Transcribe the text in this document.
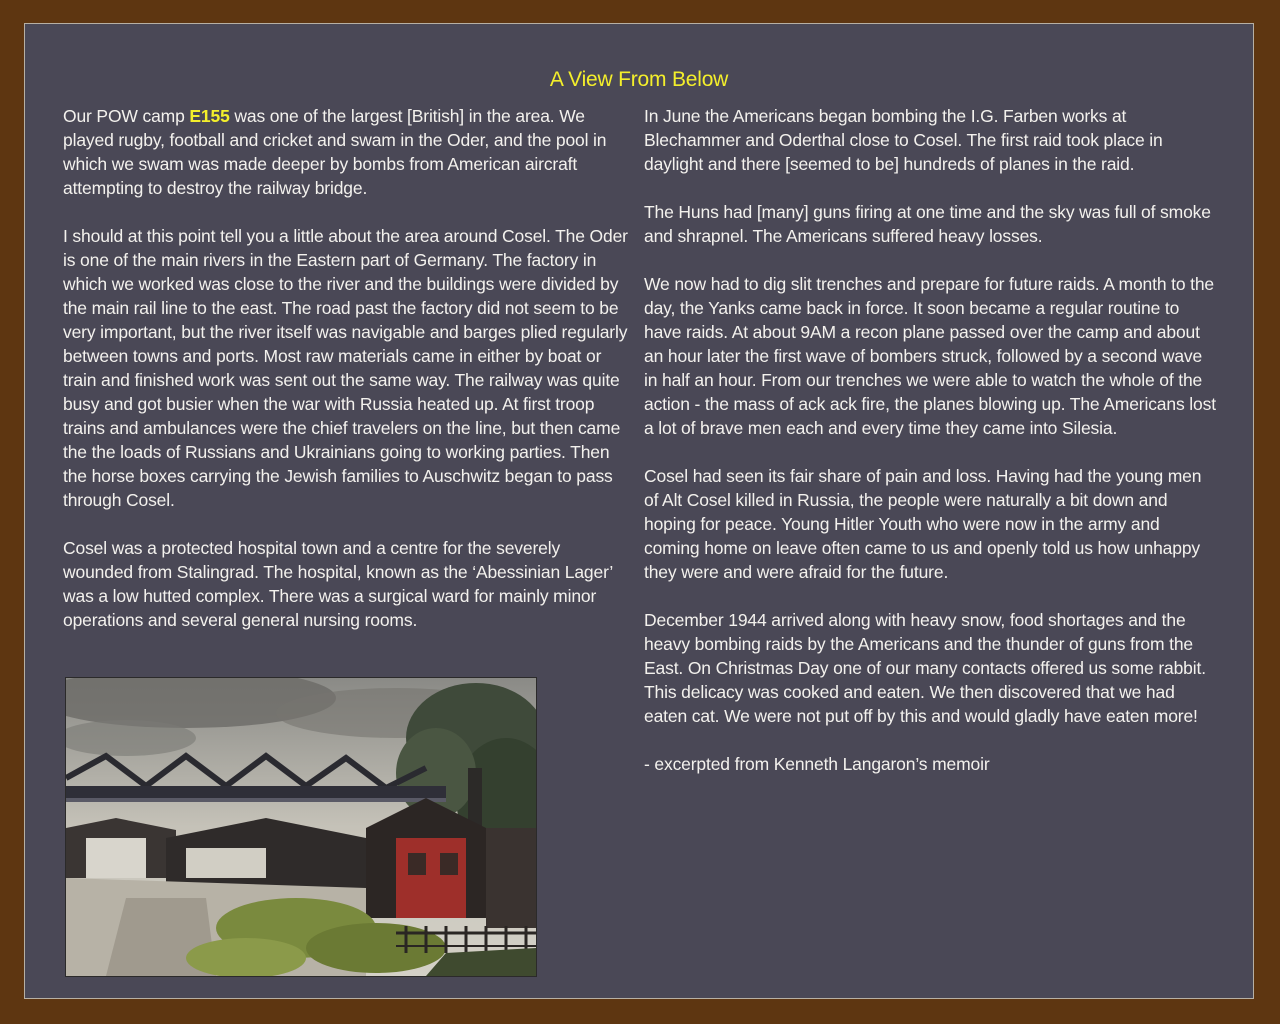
A View From Below

Our POW camp E155 was one of the largest [British] in the area. We played rugby, football and cricket and swam in the Oder, and the pool in which we swam was made deeper by bombs from American aircraft attempting to destroy the railway bridge.

I should at this point tell you a little about the area around Cosel. The Oder is one of the main rivers in the Eastern part of Germany. The factory in which we worked was close to the river and the buildings were divided by the main rail line to the east. The road past the factory did not seem to be very important, but the river itself was navigable and barges plied regularly between towns and ports. Most raw materials came in either by boat or train and finished work was sent out the same way. The railway was quite busy and got busier when the war with Russia heated up. At first troop trains and ambulances were the chief travelers on the line, but then came the the loads of Russians and Ukrainians going to working parties. Then the horse boxes carrying the Jewish families to Auschwitz began to pass through Cosel.

Cosel was a protected hospital town and a centre for the severely wounded from Stalingrad. The hospital, known as the ‘Abessinian Lager’ was a low hutted complex. There was a surgical ward for mainly minor operations and several general nursing rooms.

In June the Americans began bombing the I.G. Farben works at Blechammer and Oderthal close to Cosel. The first raid took place in daylight and there [seemed to be] hundreds of planes in the raid.

The Huns had [many] guns firing at one time and the sky was full of smoke and shrapnel. The Americans suffered heavy losses.

We now had to dig slit trenches and prepare for future raids. A month to the day, the Yanks came back in force. It soon became a regular routine to have raids. At about 9AM a recon plane passed over the camp and about an hour later the first wave of bombers struck, followed by a second wave in half an hour. From our trenches we were able to watch the whole of the action - the mass of ack ack fire, the planes blowing up. The Americans lost a lot of brave men each and every time they came into Silesia.

Cosel had seen its fair share of pain and loss. Having had the young men of Alt Cosel killed in Russia, the people were naturally a bit down and hoping for peace. Young Hitler Youth who were now in the army and coming home on leave often came to us and openly told us how unhappy they were and were afraid for the future.

December 1944 arrived along with heavy snow, food shortages and the heavy bombing raids by the Americans and the thunder of guns from the East. On Christmas Day one of our many contacts offered us some rabbit. This delicacy was cooked and eaten. We then discovered that we had eaten cat. We were not put off by this and would gladly have eaten more!

- excerpted from Kenneth Langaron’s memoir
